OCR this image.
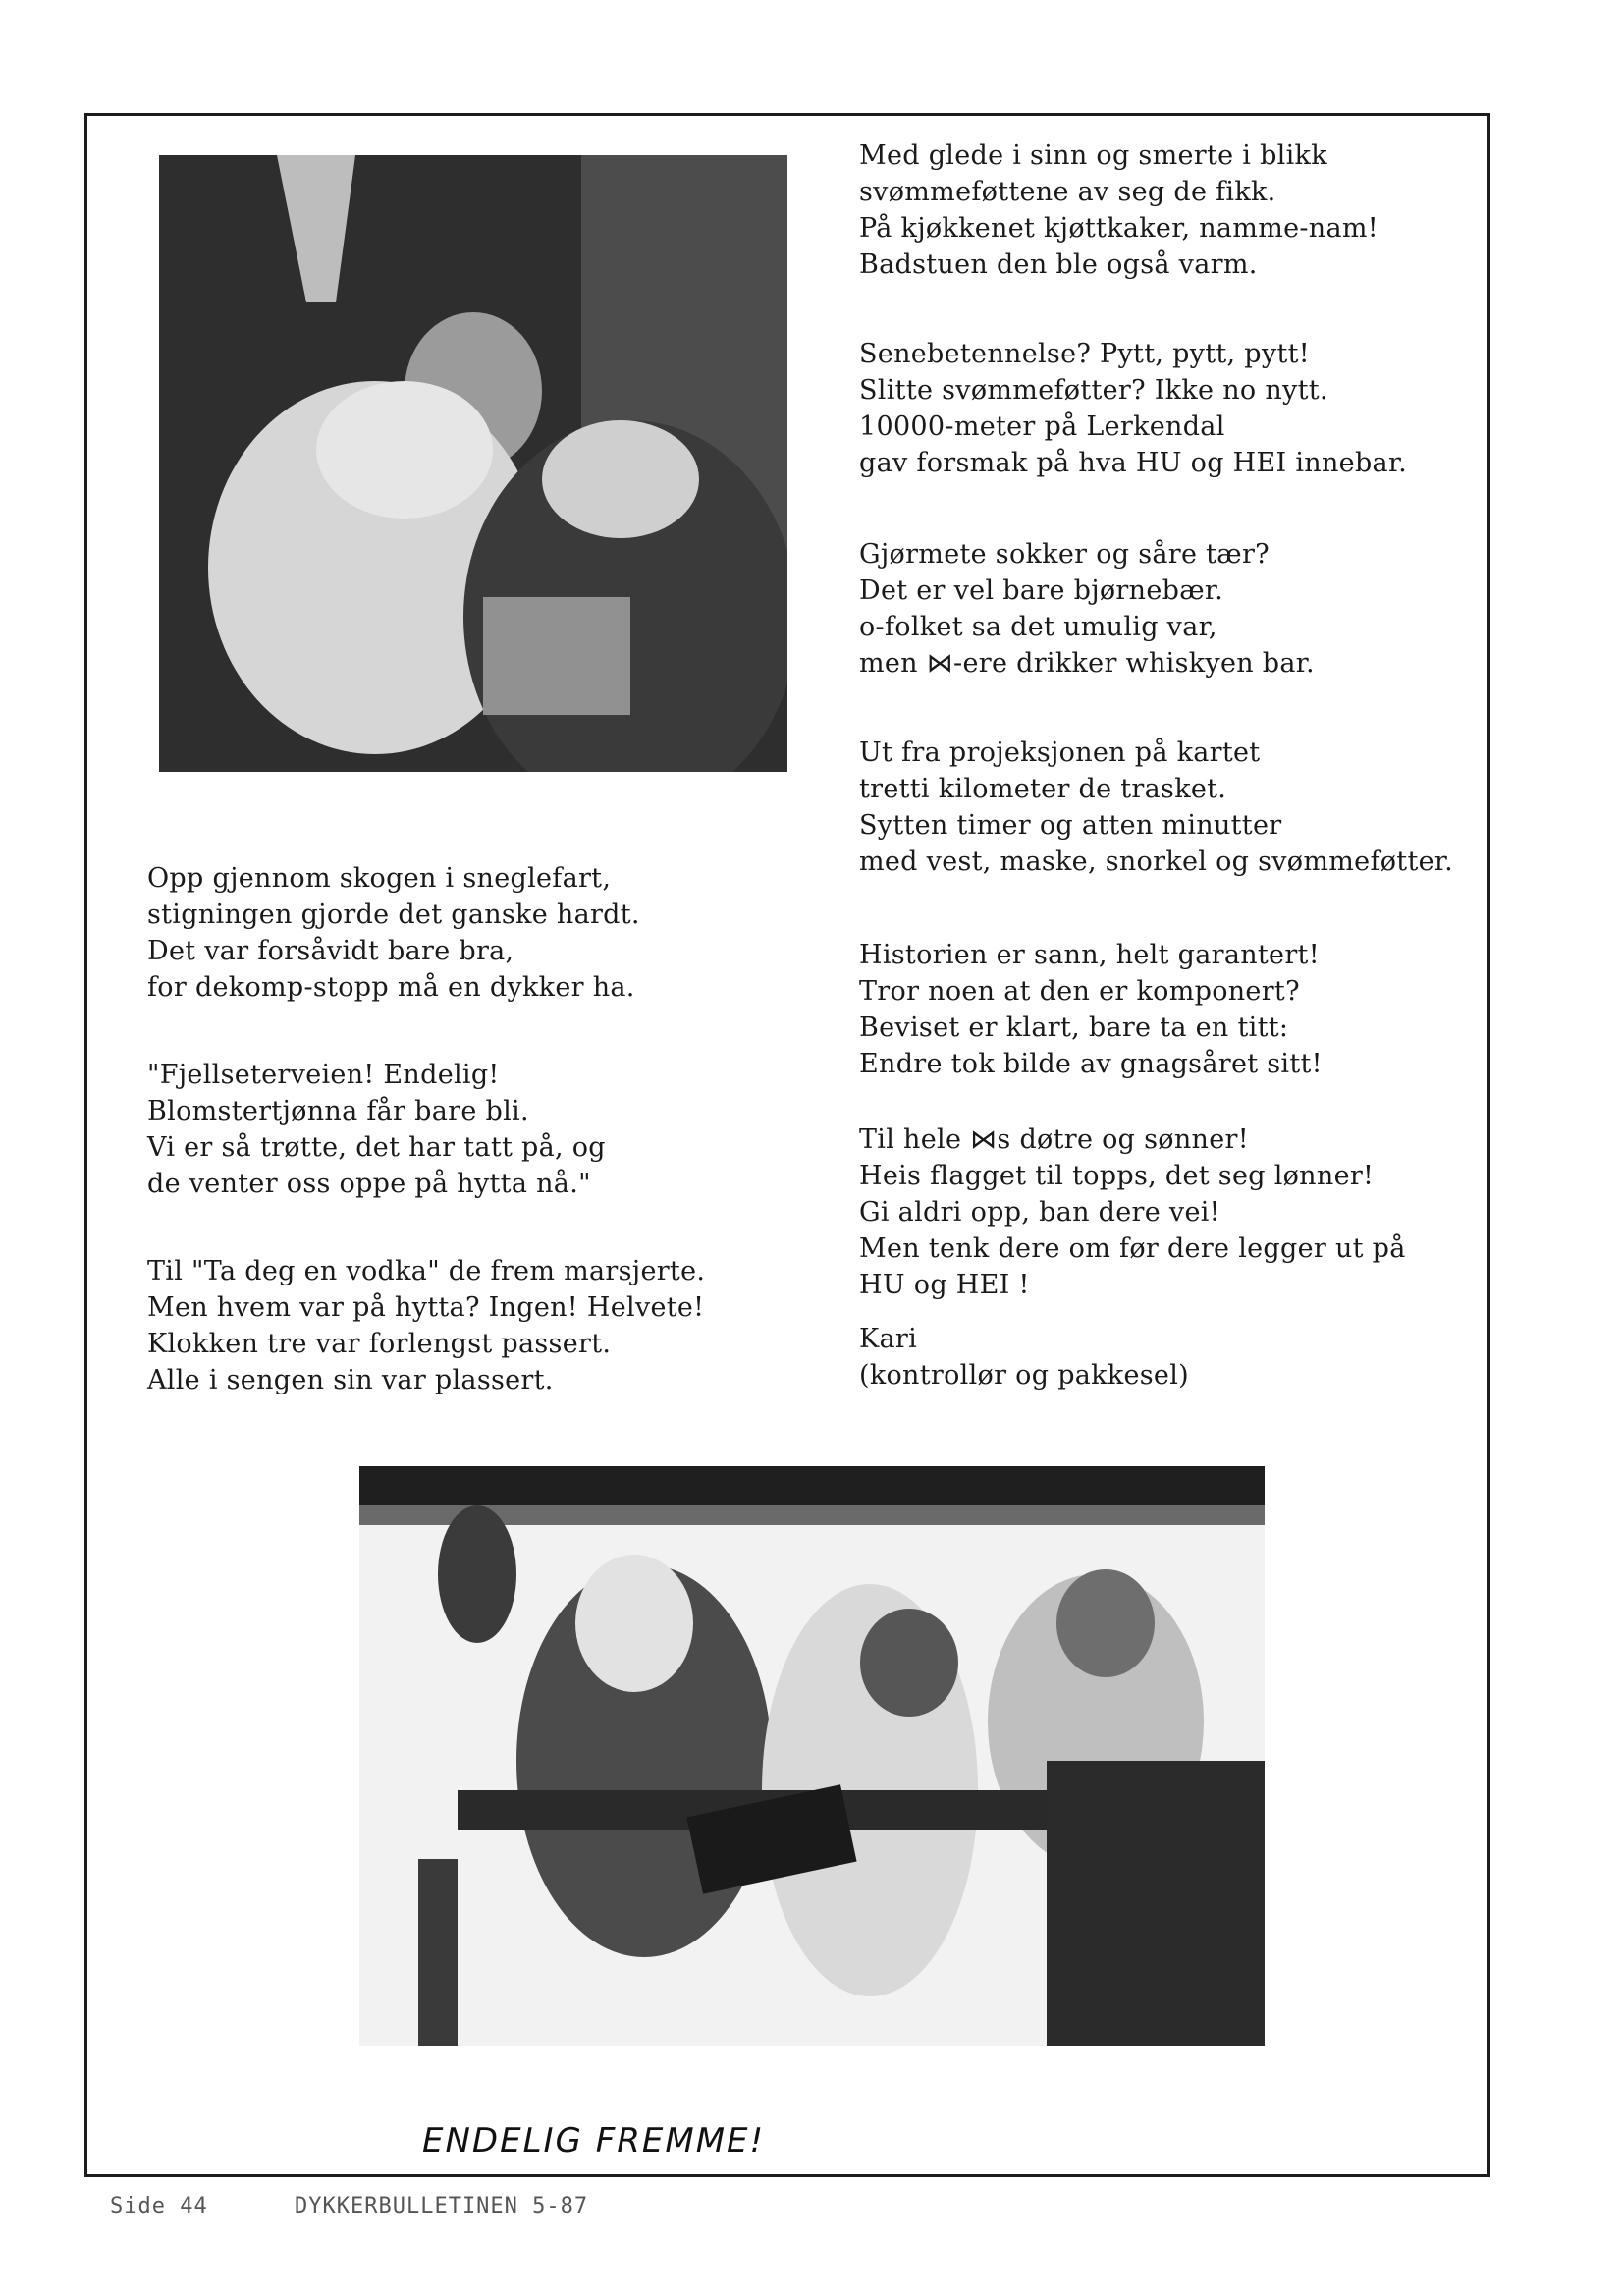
Med glede i sinn og smerte i blikk
svømmeføttene av seg de fikk.
På kjøkkenet kjøttkaker, namme-nam!
Badstuen den ble også varm.
Senebetennelse? Pytt, pytt, pytt!
Slitte svømmeføtter? Ikke no nytt.
10000-meter på Lerkendal
gav forsmak på hva HU og HEI innebar.
Gjørmete sokker og såre tær?
Det er vel bare bjørnebær.
o-folket sa det umulig var,
men ⋈-ere drikker whiskyen bar.
Ut fra projeksjonen på kartet
tretti kilometer de trasket.
Sytten timer og atten minutter
med vest, maske, snorkel og svømmeføtter.
Historien er sann, helt garantert!
Tror noen at den er komponert?
Beviset er klart, bare ta en titt:
Endre tok bilde av gnagsåret sitt!
Til hele ⋈s døtre og sønner!
Heis flagget til topps, det seg lønner!
Gi aldri opp, ban dere vei!
Men tenk dere om før dere legger ut på
HU og HEI !
Kari
(kontrollør og pakkesel)
Opp gjennom skogen i sneglefart,
stigningen gjorde det ganske hardt.
Det var forsåvidt bare bra,
for dekomp-stopp må en dykker ha.
"Fjellseterveien! Endelig!
Blomstertjønna får bare bli.
Vi er så trøtte, det har tatt på, og
de venter oss oppe på hytta nå."
Til "Ta deg en vodka" de frem marsjerte.
Men hvem var på hytta? Ingen! Helvete!
Klokken tre var forlengst passert.
Alle i sengen sin var plassert.
ENDELIG FREMME!
Side 44	DYKKERBULLETINEN 5-87
